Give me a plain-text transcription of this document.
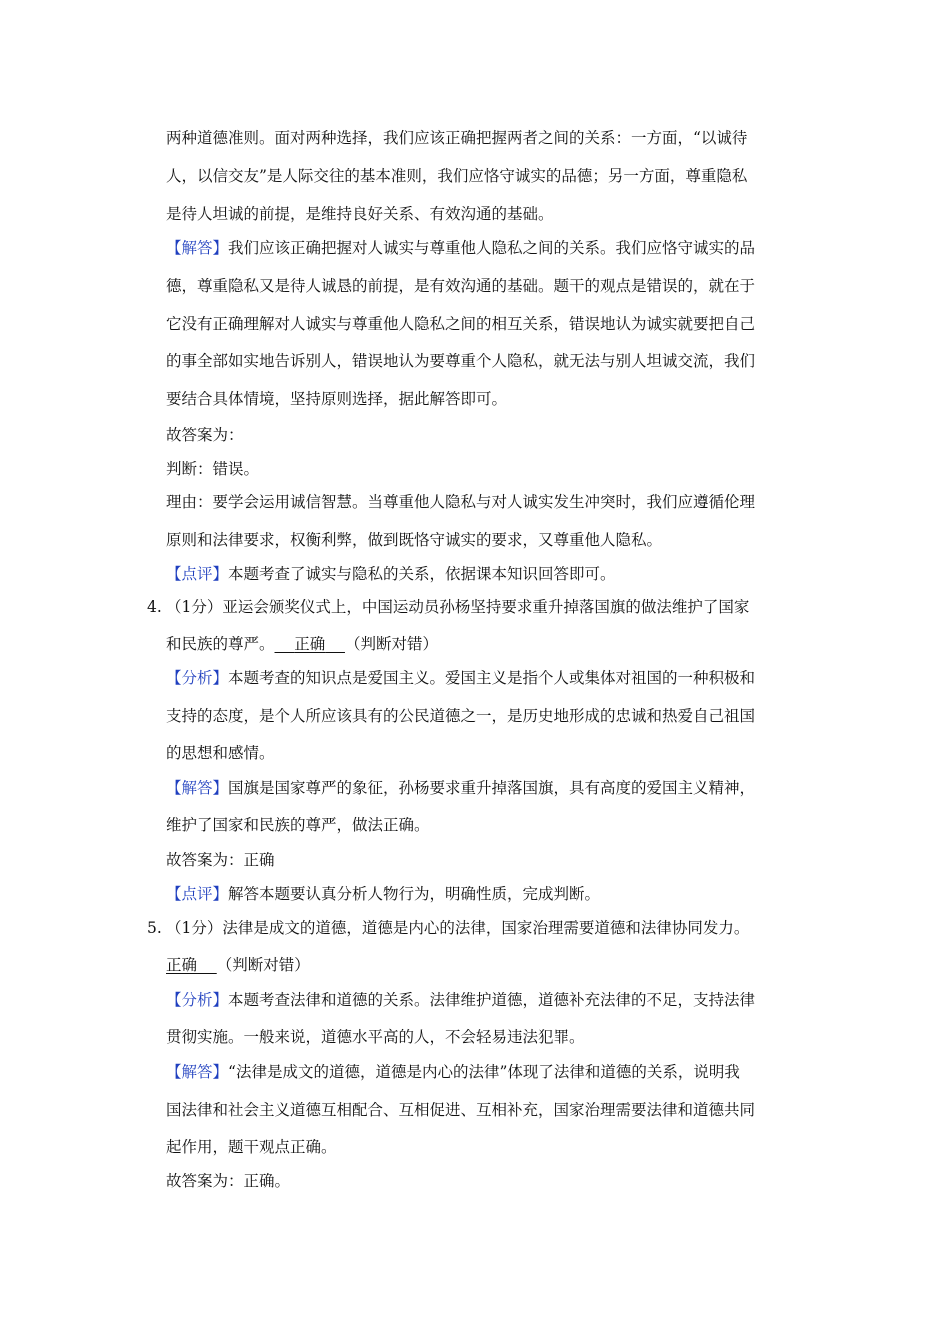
两种道德准则。面对两种选择，我们应该正确把握两者之间的关系：一方面，“以诚待
人，以信交友”是人际交往的基本准则，我们应恪守诚实的品德；另一方面，尊重隐私
是待人坦诚的前提，是维持良好关系、有效沟通的基础。
【解答】我们应该正确把握对人诚实与尊重他人隐私之间的关系。我们应恪守诚实的品
德，尊重隐私又是待人诚恳的前提，是有效沟通的基础。题干的观点是错误的，就在于
它没有正确理解对人诚实与尊重他人隐私之间的相互关系，错误地认为诚实就要把自己
的事全部如实地告诉别人，错误地认为要尊重个人隐私，就无法与别人坦诚交流，我们
要结合具体情境，坚持原则选择，据此解答即可。
故答案为：
判断：错误。
理由：要学会运用诚信智慧。当尊重他人隐私与对人诚实发生冲突时，我们应遵循伦理
原则和法律要求，权衡利弊，做到既恪守诚实的要求，又尊重他人隐私。
【点评】本题考查了诚实与隐私的关系，依据课本知识回答即可。
4. （1分）亚运会颁奖仪式上，中国运动员孙杨坚持要求重升掉落国旗的做法维护了国家
和民族的尊严。 正确 （判断对错）
【分析】本题考查的知识点是爱国主义。爱国主义是指个人或集体对祖国的一种积极和
支持的态度，是个人所应该具有的公民道德之一，是历史地形成的忠诚和热爱自己祖国
的思想和感情。
【解答】国旗是国家尊严的象征，孙杨要求重升掉落国旗，具有高度的爱国主义精神，
维护了国家和民族的尊严，做法正确。
故答案为：正确
【点评】解答本题要认真分析人物行为，明确性质，完成判断。
5. （1分）法律是成文的道德，道德是内心的法律，国家治理需要道德和法律协同发力。
正确 （判断对错）
【分析】本题考查法律和道德的关系。法律维护道德，道德补充法律的不足，支持法律
贯彻实施。一般来说，道德水平高的人，不会轻易违法犯罪。
【解答】“法律是成文的道德，道德是内心的法律”体现了法律和道德的关系，说明我
国法律和社会主义道德互相配合、互相促进、互相补充，国家治理需要法律和道德共同
起作用，题干观点正确。
故答案为：正确。
